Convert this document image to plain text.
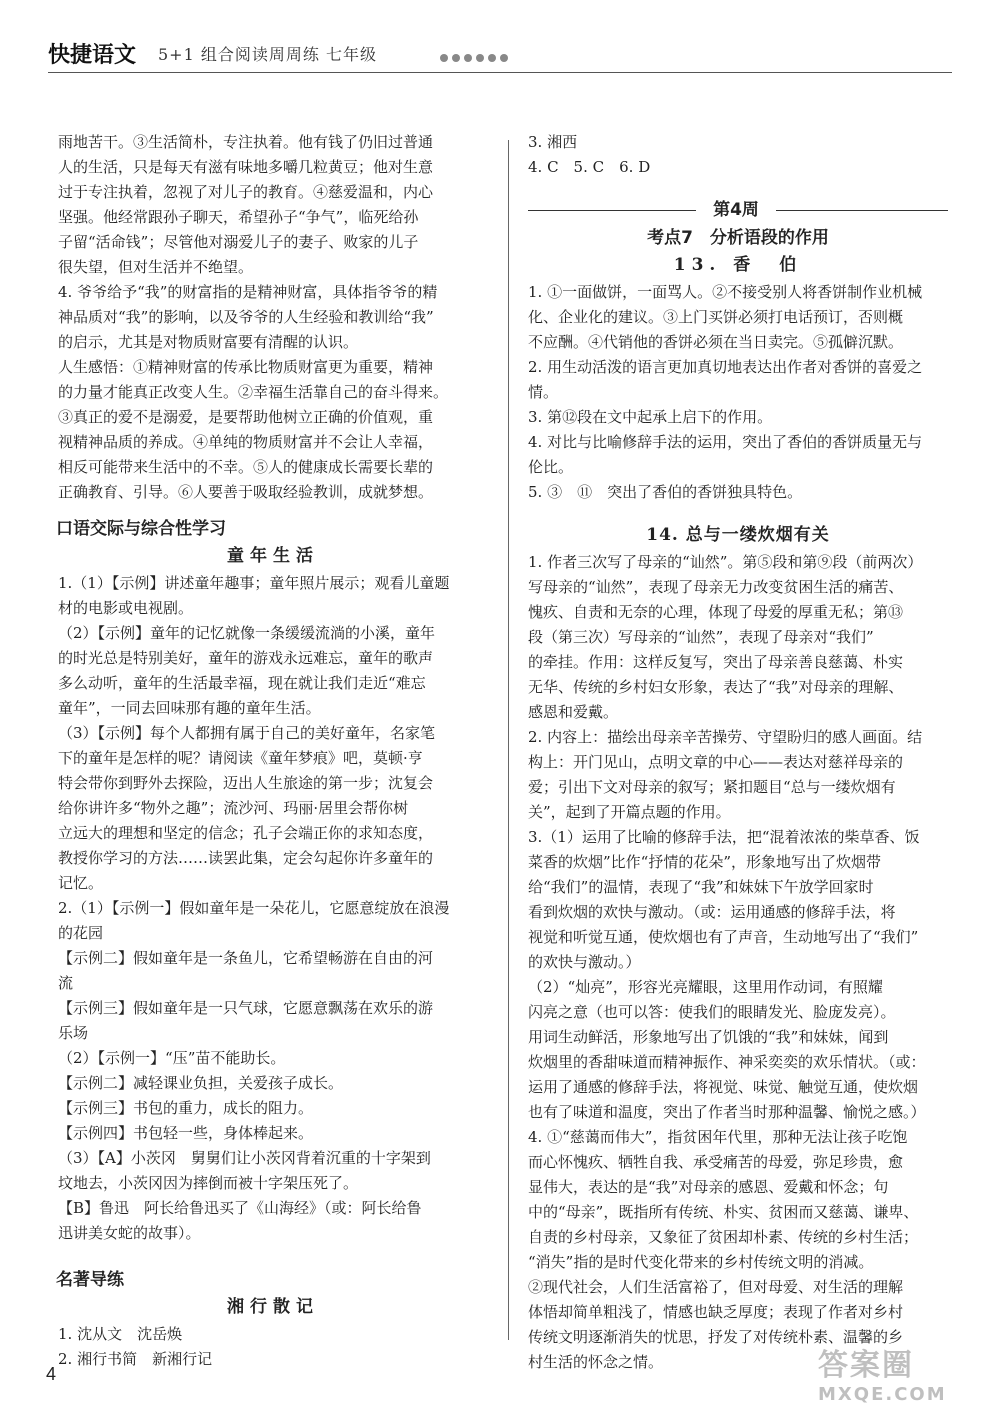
快捷语文 5+1 组合阅读周周练 七年级

雨地苦干。③生活简朴，专注执着。他有钱了仍旧过普通

人的生活，只是每天有滋有味地多嚼几粒黄豆；他对生意

过于专注执着，忽视了对儿子的教育。④慈爱温和，内心

坚强。他经常跟孙子聊天，希望孙子“争气”，临死给孙

子留“活命钱”；尽管他对溺爱儿子的妻子、败家的儿子

很失望，但对生活并不绝望。

4. 爷爷给予“我”的财富指的是精神财富，具体指爷爷的精

神品质对“我”的影响，以及爷爷的人生经验和教训给“我”

的启示，尤其是对物质财富要有清醒的认识。

人生感悟：①精神财富的传承比物质财富更为重要，精神

的力量才能真正改变人生。②幸福生活靠自己的奋斗得来。

③真正的爱不是溺爱，是要帮助他树立正确的价值观，重

视精神品质的养成。④单纯的物质财富并不会让人幸福，

相反可能带来生活中的不幸。⑤人的健康成长需要长辈的

正确教育、引导。⑥人要善于吸取经验教训，成就梦想。

口语交际与综合性学习
童年生活

1.（1）【示例】讲述童年趣事；童年照片展示；观看儿童题

材的电影或电视剧。

（2）【示例】童年的记忆就像一条缓缓流淌的小溪，童年

的时光总是特别美好，童年的游戏永远难忘，童年的歌声

多么动听，童年的生活最幸福，现在就让我们走近“难忘

童年”，一同去回味那有趣的童年生活。

（3）【示例】每个人都拥有属于自己的美好童年，名家笔

下的童年是怎样的呢？请阅读《童年梦痕》吧，莫顿·亨

特会带你到野外去探险，迈出人生旅途的第一步；沈复会

给你讲许多“物外之趣”；流沙河、玛丽·居里会帮你树

立远大的理想和坚定的信念；孔子会端正你的求知态度，

教授你学习的方法……读罢此集，定会勾起你许多童年的

记忆。

2.（1）【示例一】假如童年是一朵花儿，它愿意绽放在浪漫

的花园

【示例二】假如童年是一条鱼儿，它希望畅游在自由的河

流

【示例三】假如童年是一只气球，它愿意飘荡在欢乐的游

乐场

（2）【示例一】“压”苗不能助长。

【示例二】减轻课业负担，关爱孩子成长。

【示例三】书包的重力，成长的阻力。

【示例四】书包轻一些，身体棒起来。

（3）【A】小茨冈　舅舅们让小茨冈背着沉重的十字架到

坟地去，小茨冈因为摔倒而被十字架压死了。

【B】鲁迅　阿长给鲁迅买了《山海经》（或：阿长给鲁

迅讲美女蛇的故事）。

名著导练
湘行散记

1. 沈从文　沈岳焕

2. 湘行书简　新湘行记

3. 湘西

4. C　5. C　6. D

第4周
考点7　分析语段的作用
13. 香　伯

1. ①一面做饼，一面骂人。②不接受别人将香饼制作业机械

化、企业化的建议。③上门买饼必须打电话预订，否则概

不应酬。④代销他的香饼必须在当日卖完。⑤孤僻沉默。

2. 用生动活泼的语言更加真切地表达出作者对香饼的喜爱之

情。

3. 第⑫段在文中起承上启下的作用。

4. 对比与比喻修辞手法的运用，突出了香伯的香饼质量无与

伦比。

5. ③　⑪　突出了香伯的香饼独具特色。

14. 总与一缕炊烟有关

1. 作者三次写了母亲的“讪然”。第⑤段和第⑨段（前两次）

写母亲的“讪然”，表现了母亲无力改变贫困生活的痛苦、

愧疚、自责和无奈的心理，体现了母爱的厚重无私；第⑬

段（第三次）写母亲的“讪然”，表现了母亲对“我们”

的牵挂。作用：这样反复写，突出了母亲善良慈蔼、朴实

无华、传统的乡村妇女形象，表达了“我”对母亲的理解、

感恩和爱戴。

2. 内容上：描绘出母亲辛苦操劳、守望盼归的感人画面。结

构上：开门见山，点明文章的中心——表达对慈祥母亲的

爱；引出下文对母亲的叙写；紧扣题目“总与一缕炊烟有

关”，起到了开篇点题的作用。

3.（1）运用了比喻的修辞手法，把“混着浓浓的柴草香、饭

菜香的炊烟”比作“抒情的花朵”，形象地写出了炊烟带

给“我们”的温情，表现了“我”和妹妹下午放学回家时

看到炊烟的欢快与激动。（或：运用通感的修辞手法，将

视觉和听觉互通，使炊烟也有了声音，生动地写出了“我们”

的欢快与激动。）

（2）“灿亮”，形容光亮耀眼，这里用作动词，有照耀

闪亮之意（也可以答：使我们的眼睛发光、脸庞发亮）。

用词生动鲜活，形象地写出了饥饿的“我”和妹妹，闻到

炊烟里的香甜味道而精神振作、神采奕奕的欢乐情状。（或：

运用了通感的修辞手法，将视觉、味觉、触觉互通，使炊烟

也有了味道和温度，突出了作者当时那种温馨、愉悦之感。）

4. ①“慈蔼而伟大”，指贫困年代里，那种无法让孩子吃饱

而心怀愧疚、牺牲自我、承受痛苦的母爱，弥足珍贵，愈

显伟大，表达的是“我”对母亲的感恩、爱戴和怀念；句

中的“母亲”，既指所有传统、朴实、贫困而又慈蔼、谦卑、

自责的乡村母亲，又象征了贫困却朴素、传统的乡村生活；

“消失”指的是时代变化带来的乡村传统文明的消减。

②现代社会，人们生活富裕了，但对母爱、对生活的理解

体悟却简单粗浅了，情感也缺乏厚度；表现了作者对乡村

传统文明逐渐消失的忧思，抒发了对传统朴素、温馨的乡

村生活的怀念之情。

4	答案圈
MXQE.COM
